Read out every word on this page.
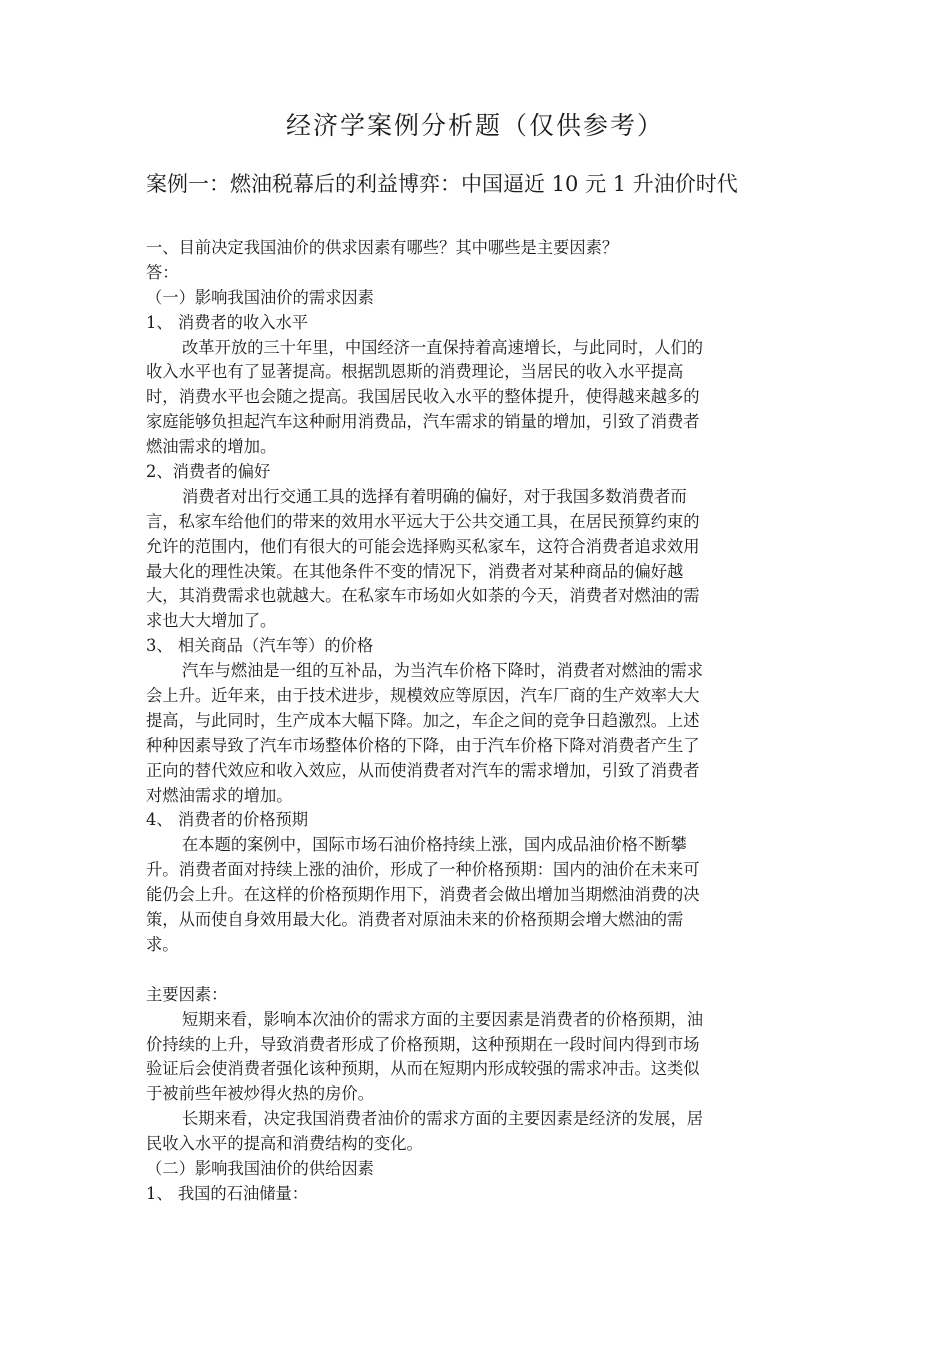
经济学案例分析题（仅供参考）
案例一：燃油税幕后的利益博弈：中国逼近 10 元 1 升油价时代
一、目前决定我国油价的供求因素有哪些？其中哪些是主要因素？
答：
（一）影响我国油价的需求因素
1、 消费者的收入水平
改革开放的三十年里，中国经济一直保持着高速增长，与此同时，人们的
收入水平也有了显著提高。根据凯恩斯的消费理论，当居民的收入水平提高
时，消费水平也会随之提高。我国居民收入水平的整体提升，使得越来越多的
家庭能够负担起汽车这种耐用消费品，汽车需求的销量的增加，引致了消费者
燃油需求的增加。
2、消费者的偏好
消费者对出行交通工具的选择有着明确的偏好，对于我国多数消费者而
言，私家车给他们的带来的效用水平远大于公共交通工具，在居民预算约束的
允许的范围内，他们有很大的可能会选择购买私家车，这符合消费者追求效用
最大化的理性决策。在其他条件不变的情况下，消费者对某种商品的偏好越
大，其消费需求也就越大。在私家车市场如火如荼的今天，消费者对燃油的需
求也大大增加了。
3、 相关商品（汽车等）的价格
汽车与燃油是一组的互补品，为当汽车价格下降时，消费者对燃油的需求
会上升。近年来，由于技术进步，规模效应等原因，汽车厂商的生产效率大大
提高，与此同时，生产成本大幅下降。加之，车企之间的竞争日趋激烈。上述
种种因素导致了汽车市场整体价格的下降，由于汽车价格下降对消费者产生了
正向的替代效应和收入效应，从而使消费者对汽车的需求增加，引致了消费者
对燃油需求的增加。
4、 消费者的价格预期
在本题的案例中，国际市场石油价格持续上涨，国内成品油价格不断攀
升。消费者面对持续上涨的油价，形成了一种价格预期：国内的油价在未来可
能仍会上升。在这样的价格预期作用下，消费者会做出增加当期燃油消费的决
策，从而使自身效用最大化。消费者对原油未来的价格预期会增大燃油的需
求。
主要因素：
短期来看，影响本次油价的需求方面的主要因素是消费者的价格预期，油
价持续的上升，导致消费者形成了价格预期，这种预期在一段时间内得到市场
验证后会使消费者强化该种预期，从而在短期内形成较强的需求冲击。这类似
于被前些年被炒得火热的房价。
长期来看，决定我国消费者油价的需求方面的主要因素是经济的发展，居
民收入水平的提高和消费结构的变化。
（二）影响我国油价的供给因素
1、 我国的石油储量：
